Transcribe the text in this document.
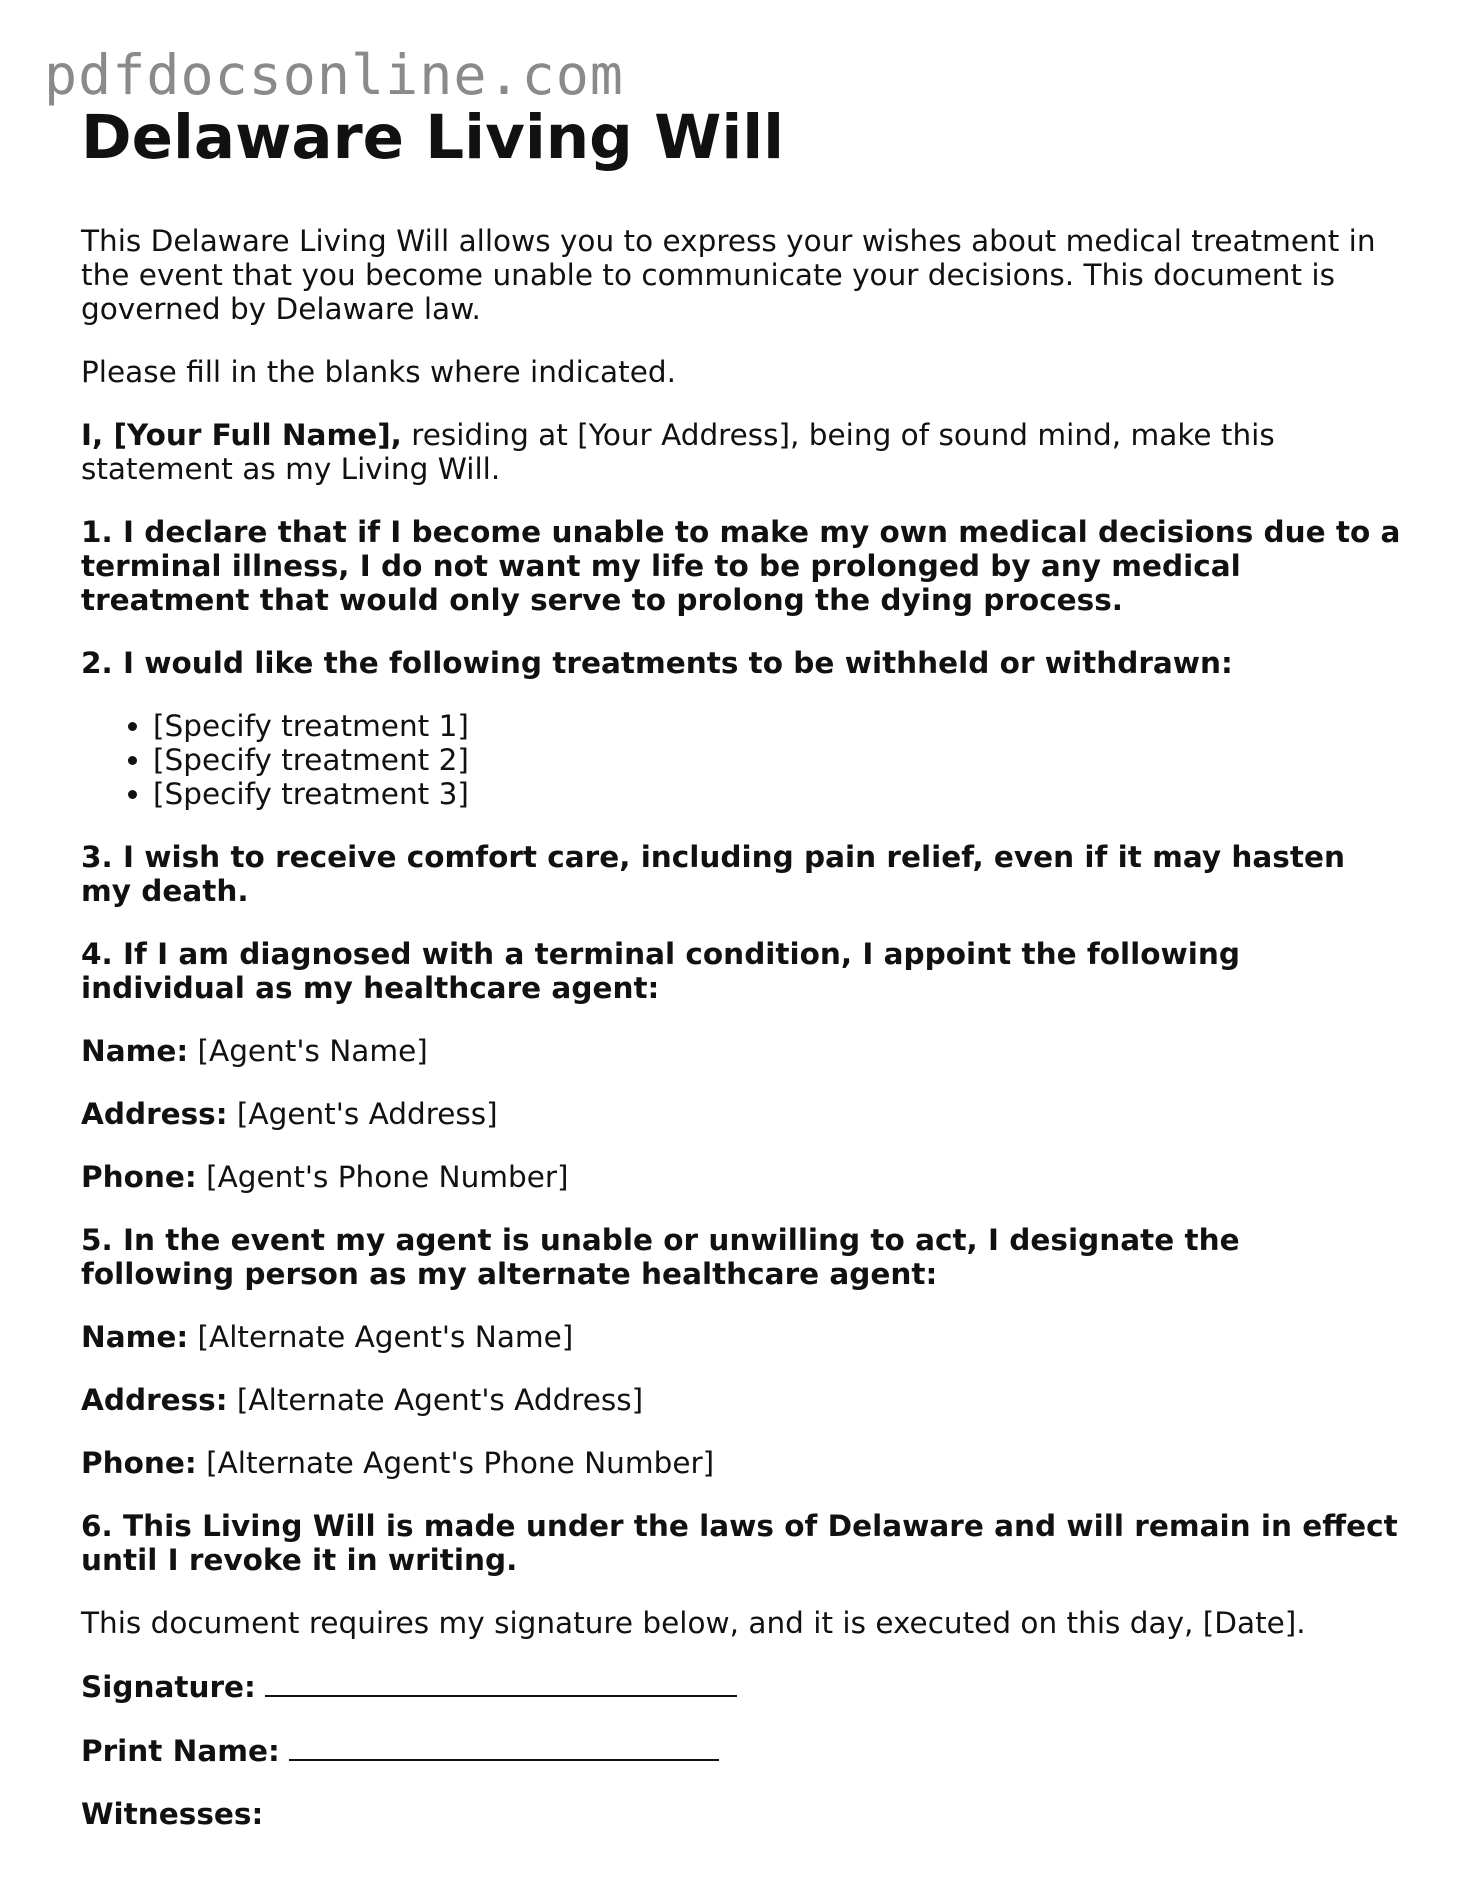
pdfdocsonline.com
Delaware Living Will

This Delaware Living Will allows you to express your wishes about medical treatment in the event that you become unable to communicate your decisions. This document is governed by Delaware law.

Please fill in the blanks where indicated.

I, [Your Full Name], residing at [Your Address], being of sound mind, make this statement as my Living Will.

1. I declare that if I become unable to make my own medical decisions due to a terminal illness, I do not want my life to be prolonged by any medical treatment that would only serve to prolong the dying process.

2. I would like the following treatments to be withheld or withdrawn:

• [Specify treatment 1]
• [Specify treatment 2]
• [Specify treatment 3]

3. I wish to receive comfort care, including pain relief, even if it may hasten my death.

4. If I am diagnosed with a terminal condition, I appoint the following individual as my healthcare agent:

Name: [Agent's Name]

Address: [Agent's Address]

Phone: [Agent's Phone Number]

5. In the event my agent is unable or unwilling to act, I designate the following person as my alternate healthcare agent:

Name: [Alternate Agent's Name]

Address: [Alternate Agent's Address]

Phone: [Alternate Agent's Phone Number]

6. This Living Will is made under the laws of Delaware and will remain in effect until I revoke it in writing.

This document requires my signature below, and it is executed on this day, [Date].

Signature:

Print Name:

Witnesses:
